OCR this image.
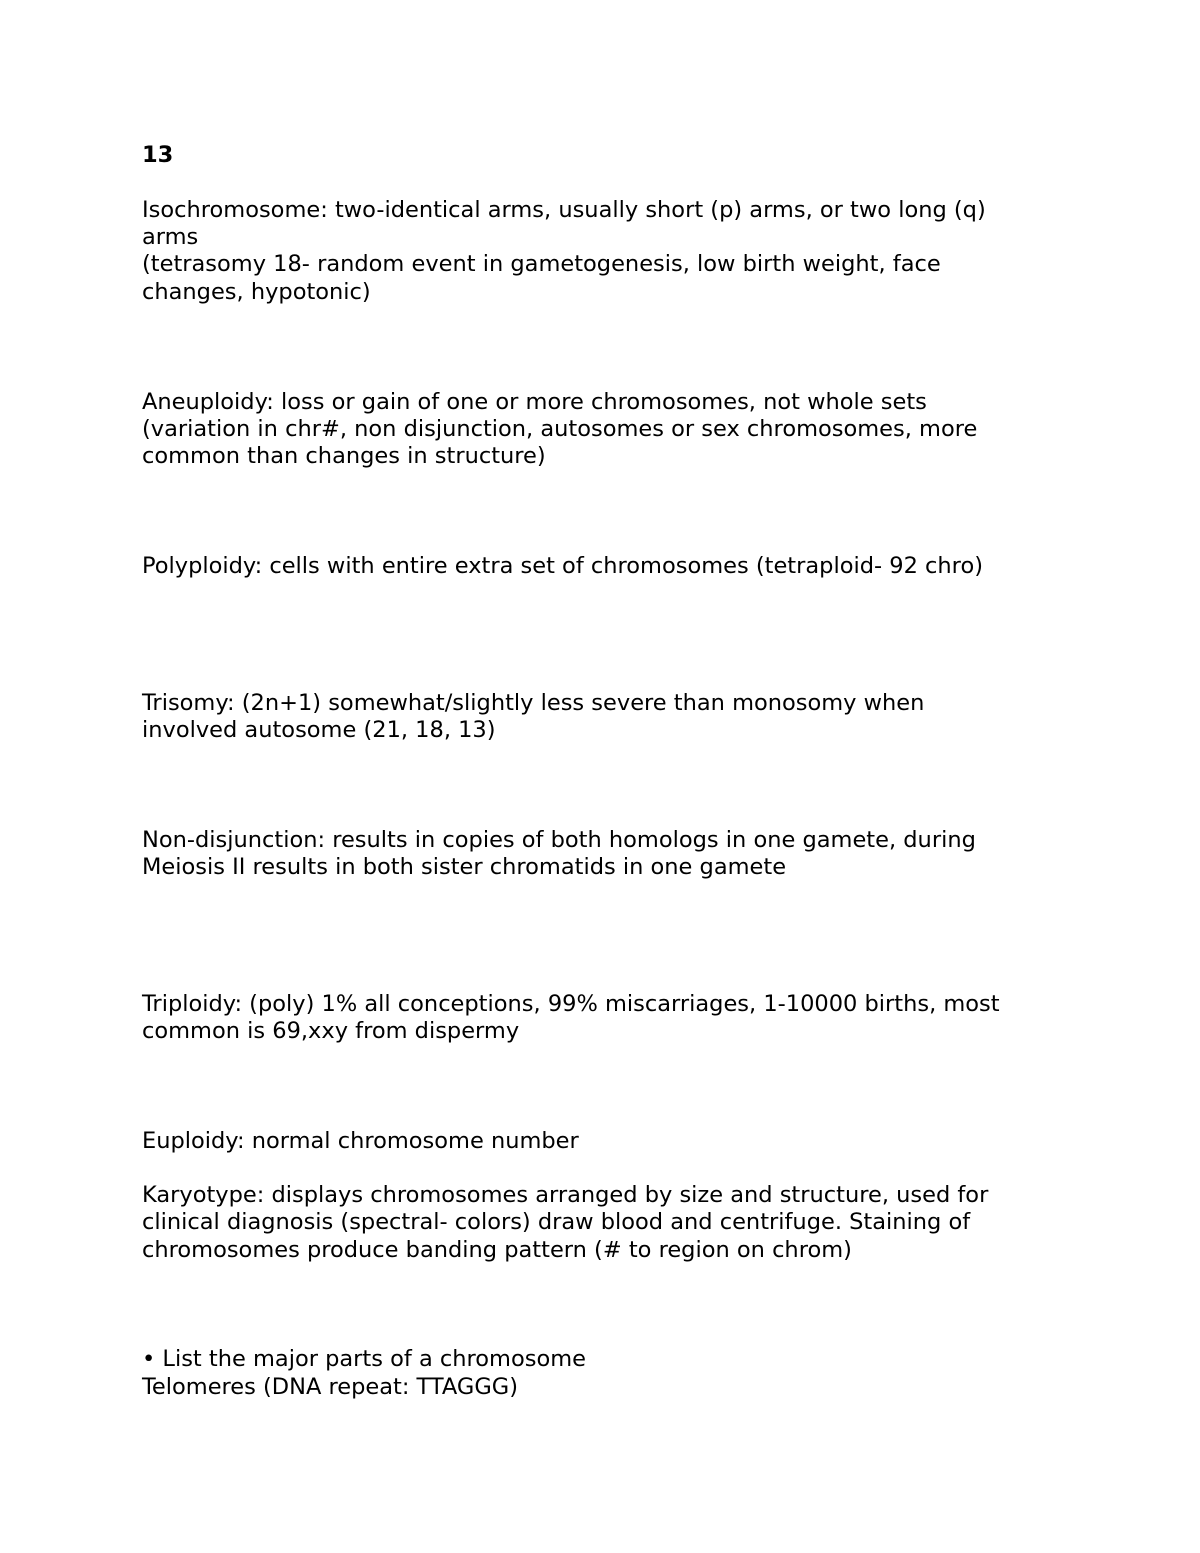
13

Isochromosome: two-identical arms, usually short (p) arms, or two long (q)

arms

(tetrasomy 18- random event in gametogenesis, low birth weight, face

changes, hypotonic)

Aneuploidy: loss or gain of one or more chromosomes, not whole sets

(variation in chr#, non disjunction, autosomes or sex chromosomes, more

common than changes in structure)

Polyploidy: cells with entire extra set of chromosomes (tetraploid- 92 chro)

Trisomy: (2n+1) somewhat/slightly less severe than monosomy when

involved autosome (21, 18, 13)

Non-disjunction: results in copies of both homologs in one gamete, during

Meiosis II results in both sister chromatids in one gamete

Triploidy: (poly) 1% all conceptions, 99% miscarriages, 1-10000 births, most

common is 69,xxy from dispermy

Euploidy: normal chromosome number

Karyotype: displays chromosomes arranged by size and structure, used for

clinical diagnosis (spectral- colors) draw blood and centrifuge. Staining of

chromosomes produce banding pattern (# to region on chrom)

• List the major parts of a chromosome

Telomeres (DNA repeat: TTAGGG)
